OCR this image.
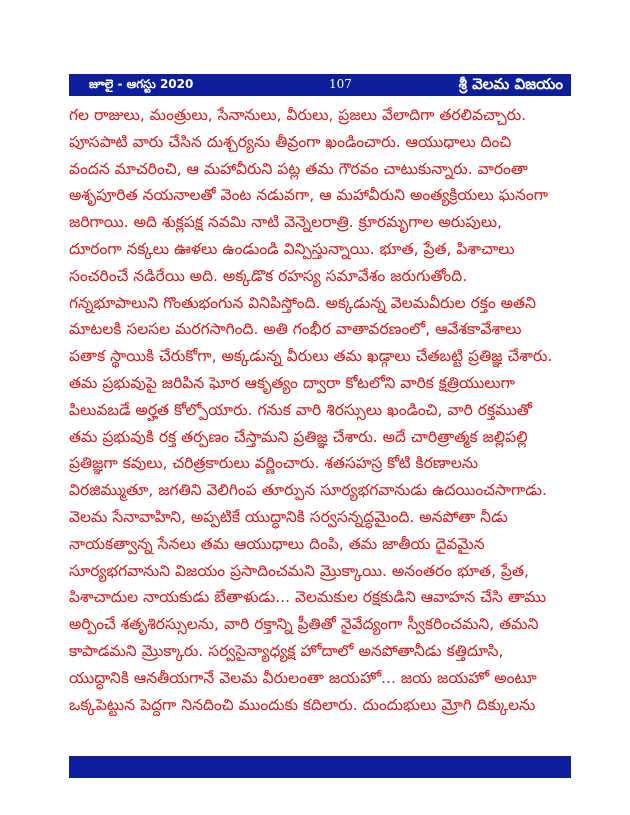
జూలై - ఆగస్టు 2020	107	శ్రీ వెలమ విజయం
గల రాజులు, మంత్రులు, సేనానులు, వీరులు, ప్రజలు వేలాదిగా తరలివచ్చారు.
పూసపాటి వారు చేసిన దుశ్చర్యను తీవ్రంగా ఖండించారు. ఆయుధాలు దించి
వందన మాచరించి, ఆ మహావీరుని పట్ల తమ గౌరవం చాటుకున్నారు. వారంతా
అశృపూరిత నయనాలతో వెంట నడువగా, ఆ మహావీరుని అంత్యక్రియలు ఘనంగా
జరిగాయి. అది శుక్లపక్ష నవమి నాటి వెన్నెలరాత్రి. క్రూరమృగాల అరుపులు,
దూరంగా నక్కలు ఊళలు ఉండుండి విన్పిస్తున్నాయి. భూత, ప్రేత, పిశాచాలు
సంచరించే నడిరేయి అది. అక్కడొక రహస్య సమావేశం జరుగుతోంది.
గన్నభూపాలుని గొంతుభంగున వినిపిస్తోంది. అక్కడున్న వెలమవీరుల రక్తం అతని
మాటలకి సలసల మరగసాగింది. అతి గంభీర వాతావరణంలో, ఆవేశకావేశాలు
పతాక స్థాయికి చేరుకోగా, అక్కడున్న వీరులు తమ ఖడ్గాలు చేతబట్టి ప్రతిజ్ఞ చేశారు.
తమ ప్రభువుపై జరిపిన ఘోర ఆకృత్యం ద్వారా కోటలోని వారిక క్షత్రియులుగా
పిలువబడే అర్హత కోల్పోయారు. గనుక వారి శిరస్సులు ఖండించి, వారి రక్తముతో
తమ ప్రభువుకి రక్త తర్పణం చేస్తామని ప్రతిజ్ఞ చేశారు. అదే చారిత్రాత్మక జల్లిపల్లి
ప్రతిజ్ఞగా కవులు, చరిత్రకారులు వర్ణించారు. శతసహస్ర కోటి కిరణాలను
విరజిమ్ముతూ, జగతిని వెలిగింప తూర్పున సూర్యభగవానుడు ఉదయించసాగాడు.
వెలమ సేనావాహిని, అప్పటికే యుద్ధానికి సర్వసన్నద్ధమైంది. అనపోతా నీడు
నాయకత్వాన్న సేనలు తమ ఆయుధాలు దింపి, తమ జాతీయ దైవమైన
సూర్యభగవానుని విజయం ప్రసాదించమని మ్రొక్కాయి. అనంతరం భూత, ప్రేత,
పిశాచాదుల నాయకుడు బేతాళుడు... వెలమకుల రక్షకుడిని ఆవాహన చేసి తాము
అర్పించే శతృశిరస్సులను, వారి రక్తాన్ని ప్రీతితో నైవేద్యంగా స్వీకరించమని, తమని
కాపాడమని మ్రొక్కారు. సర్వసైన్యాధ్యక్ష హోదాలో అనపోతానీడు కత్తిదూసి,
యుద్ధానికి ఆనతీయగానే వెలమ వీరులంతా జయహో... జయ జయహో అంటూ
ఒక్కపెట్టున పెద్దగా నినదించి ముందుకు కదిలారు. దుందుభులు మ్రోగి దిక్కులను
